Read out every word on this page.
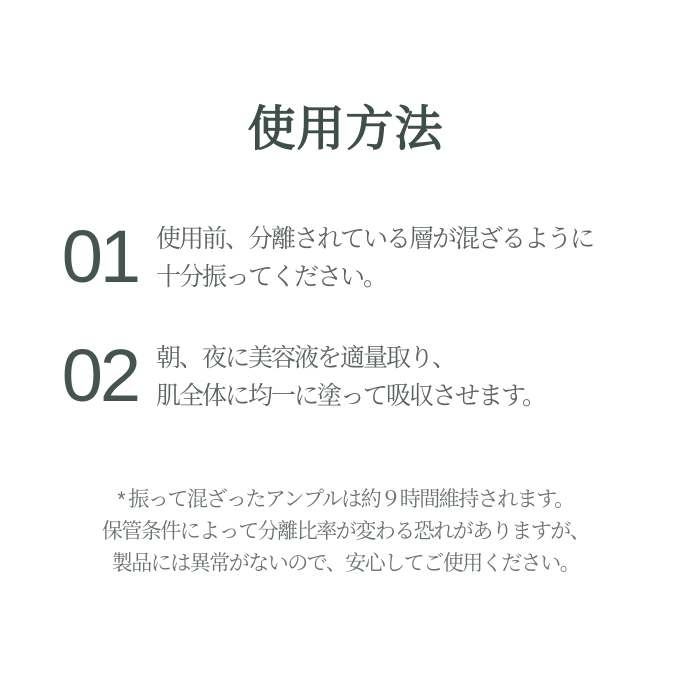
使用方法
01 使用前、分離されている層が混ざるように
十分振ってください。
02 朝、夜に美容液を適量取り、
肌全体に均一に塗って吸収させます。
* 振って混ざったアンプルは約９時間維持されます。
保管条件によって分離比率が変わる恐れがありますが、
製品には異常がないので、安心してご使用ください。
